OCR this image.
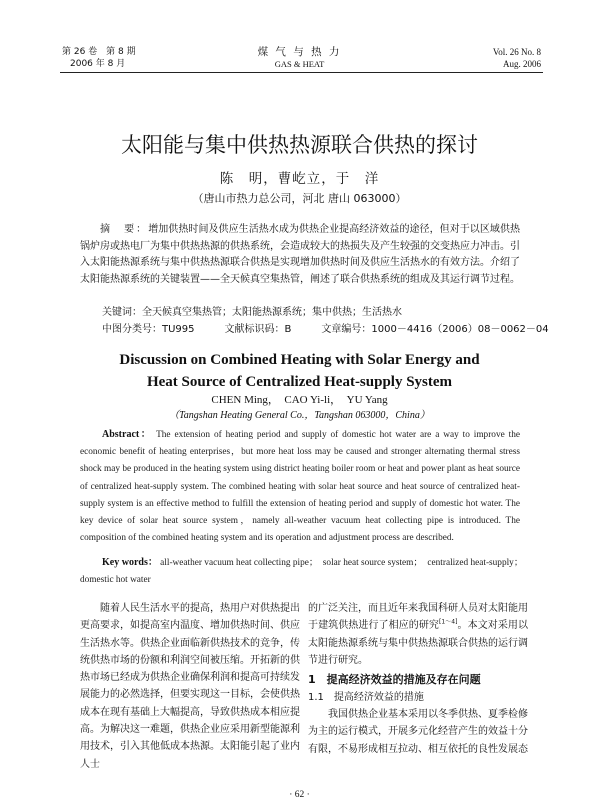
第 26 卷　第 8 期
2006 年 8 月
煤 气 与 热 力
GAS & HEAT
Vol. 26 No. 8
Aug. 2006
太阳能与集中供热热源联合供热的探讨
陈　明，曹屹立，于　洋
（唐山市热力总公司，河北 唐山 063000）
摘　要：增加供热时间及供应生活热水成为供热企业提高经济效益的途径，但对于以区域供热锅炉房或热电厂为集中供热热源的供热系统，会造成较大的热损失及产生较强的交变热应力冲击。引入太阳能热源系统与集中供热热源联合供热是实现增加供热时间及供应生活热水的有效方法。介绍了太阳能热源系统的关键装置——全天候真空集热管，阐述了联合供热系统的组成及其运行调节过程。
关键词：全天候真空集热管；太阳能热源系统；集中供热；生活热水
中图分类号：TU995	文献标识码：B	文章编号：1000－4416（2006）08－0062－04
Discussion on Combined Heating with Solar Energy and
Heat Source of Centralized Heat-supply System
CHEN Ming，　CAO Yi-li，　YU Yang
（Tangshan Heating General Co.，Tangshan 063000，China）
Abstract： The extension of heating period and supply of domestic hot water are a way to improve the economic benefit of heating enterprises，but more heat loss may be caused and stronger alternating thermal stress shock may be produced in the heating system using district heating boiler room or heat and power plant as heat source of centralized heat-supply system. The combined heating with solar heat source and heat source of centralized heat-supply system is an effective method to fulfill the extension of heating period and supply of domestic hot water. The key device of solar heat source system，namely all-weather vacuum heat collecting pipe is introduced. The composition of the combined heating system and its operation and adjustment process are described.
Key words： all-weather vacuum heat collecting pipe；　solar heat source system；　centralized heat-supply；　domestic hot water

随着人民生活水平的提高，热用户对供热提出更高要求，如提高室内温度、增加供热时间、供应生活热水等。供热企业面临新供热技术的竞争，传统供热市场的份额和利润空间被压缩。开拓新的供热市场已经成为供热企业确保利润和提高可持续发展能力的必然选择，但要实现这一目标，会使供热成本在现有基础上大幅提高，导致供热成本相应提高。为解决这一难题，供热企业应采用新型能源利用技术，引入其他低成本热源。太阳能引起了业内人士

的广泛关注，而且近年来我国科研人员对太阳能用于建筑供热进行了相应的研究[1～4]。本文对采用以太阳能热源系统与集中供热热源联合供热的运行调节进行研究。

1　提高经济效益的措施及存在问题
1.1　提高经济效益的措施

我国供热企业基本采用以冬季供热、夏季检修为主的运行模式，开展多元化经营产生的效益十分有限，不易形成相互拉动、相互依托的良性发展态

· 62 ·
